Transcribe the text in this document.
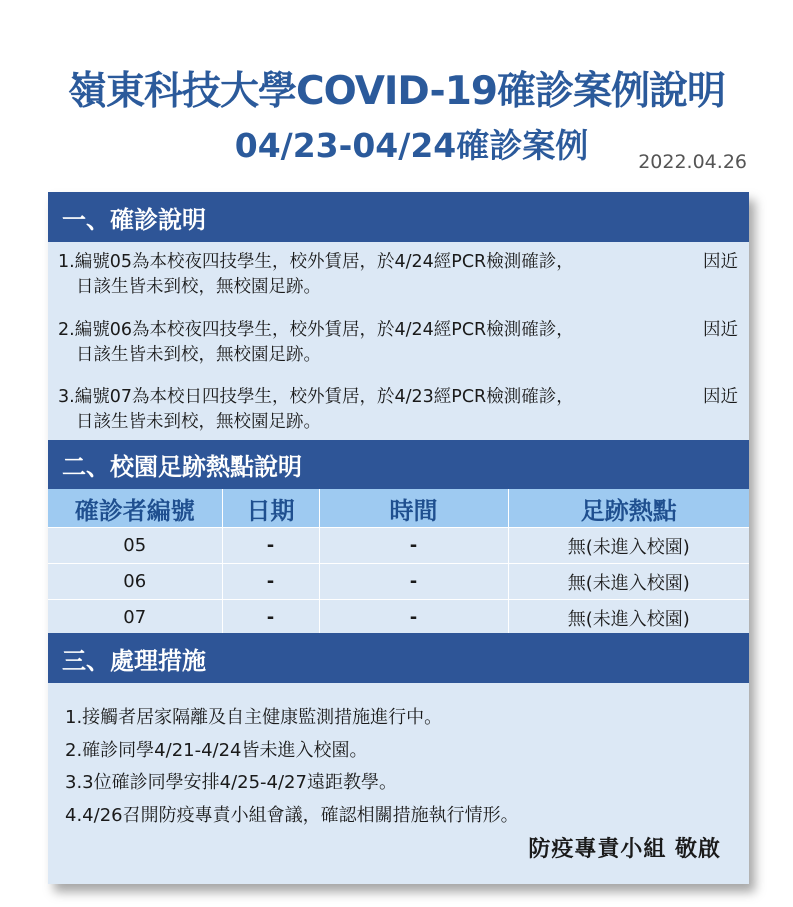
嶺東科技大學COVID-19確診案例說明
04/23-04/24確診案例	2022.04.26
一、確診說明
1.編號05為本校夜四技學生，校外賃居，於4/24經PCR檢測確診，	因近
日該生皆未到校，無校園足跡。
2.編號06為本校夜四技學生，校外賃居，於4/24經PCR檢測確診，	因近
日該生皆未到校，無校園足跡。
3.編號07為本校日四技學生，校外賃居，於4/23經PCR檢測確診，	因近
日該生皆未到校，無校園足跡。
二、校園足跡熱點說明
確診者編號	日期	時間	足跡熱點
05	-	-	無(未進入校園)
06	-	-	無(未進入校園)
07	-	-	無(未進入校園)
三、處理措施
1.接觸者居家隔離及自主健康監測措施進行中。
2.確診同學4/21-4/24皆未進入校園。
3.3位確診同學安排4/25-4/27遠距教學。
4.4/26召開防疫專責小組會議，確認相關措施執行情形。
防疫專責小組 敬啟
